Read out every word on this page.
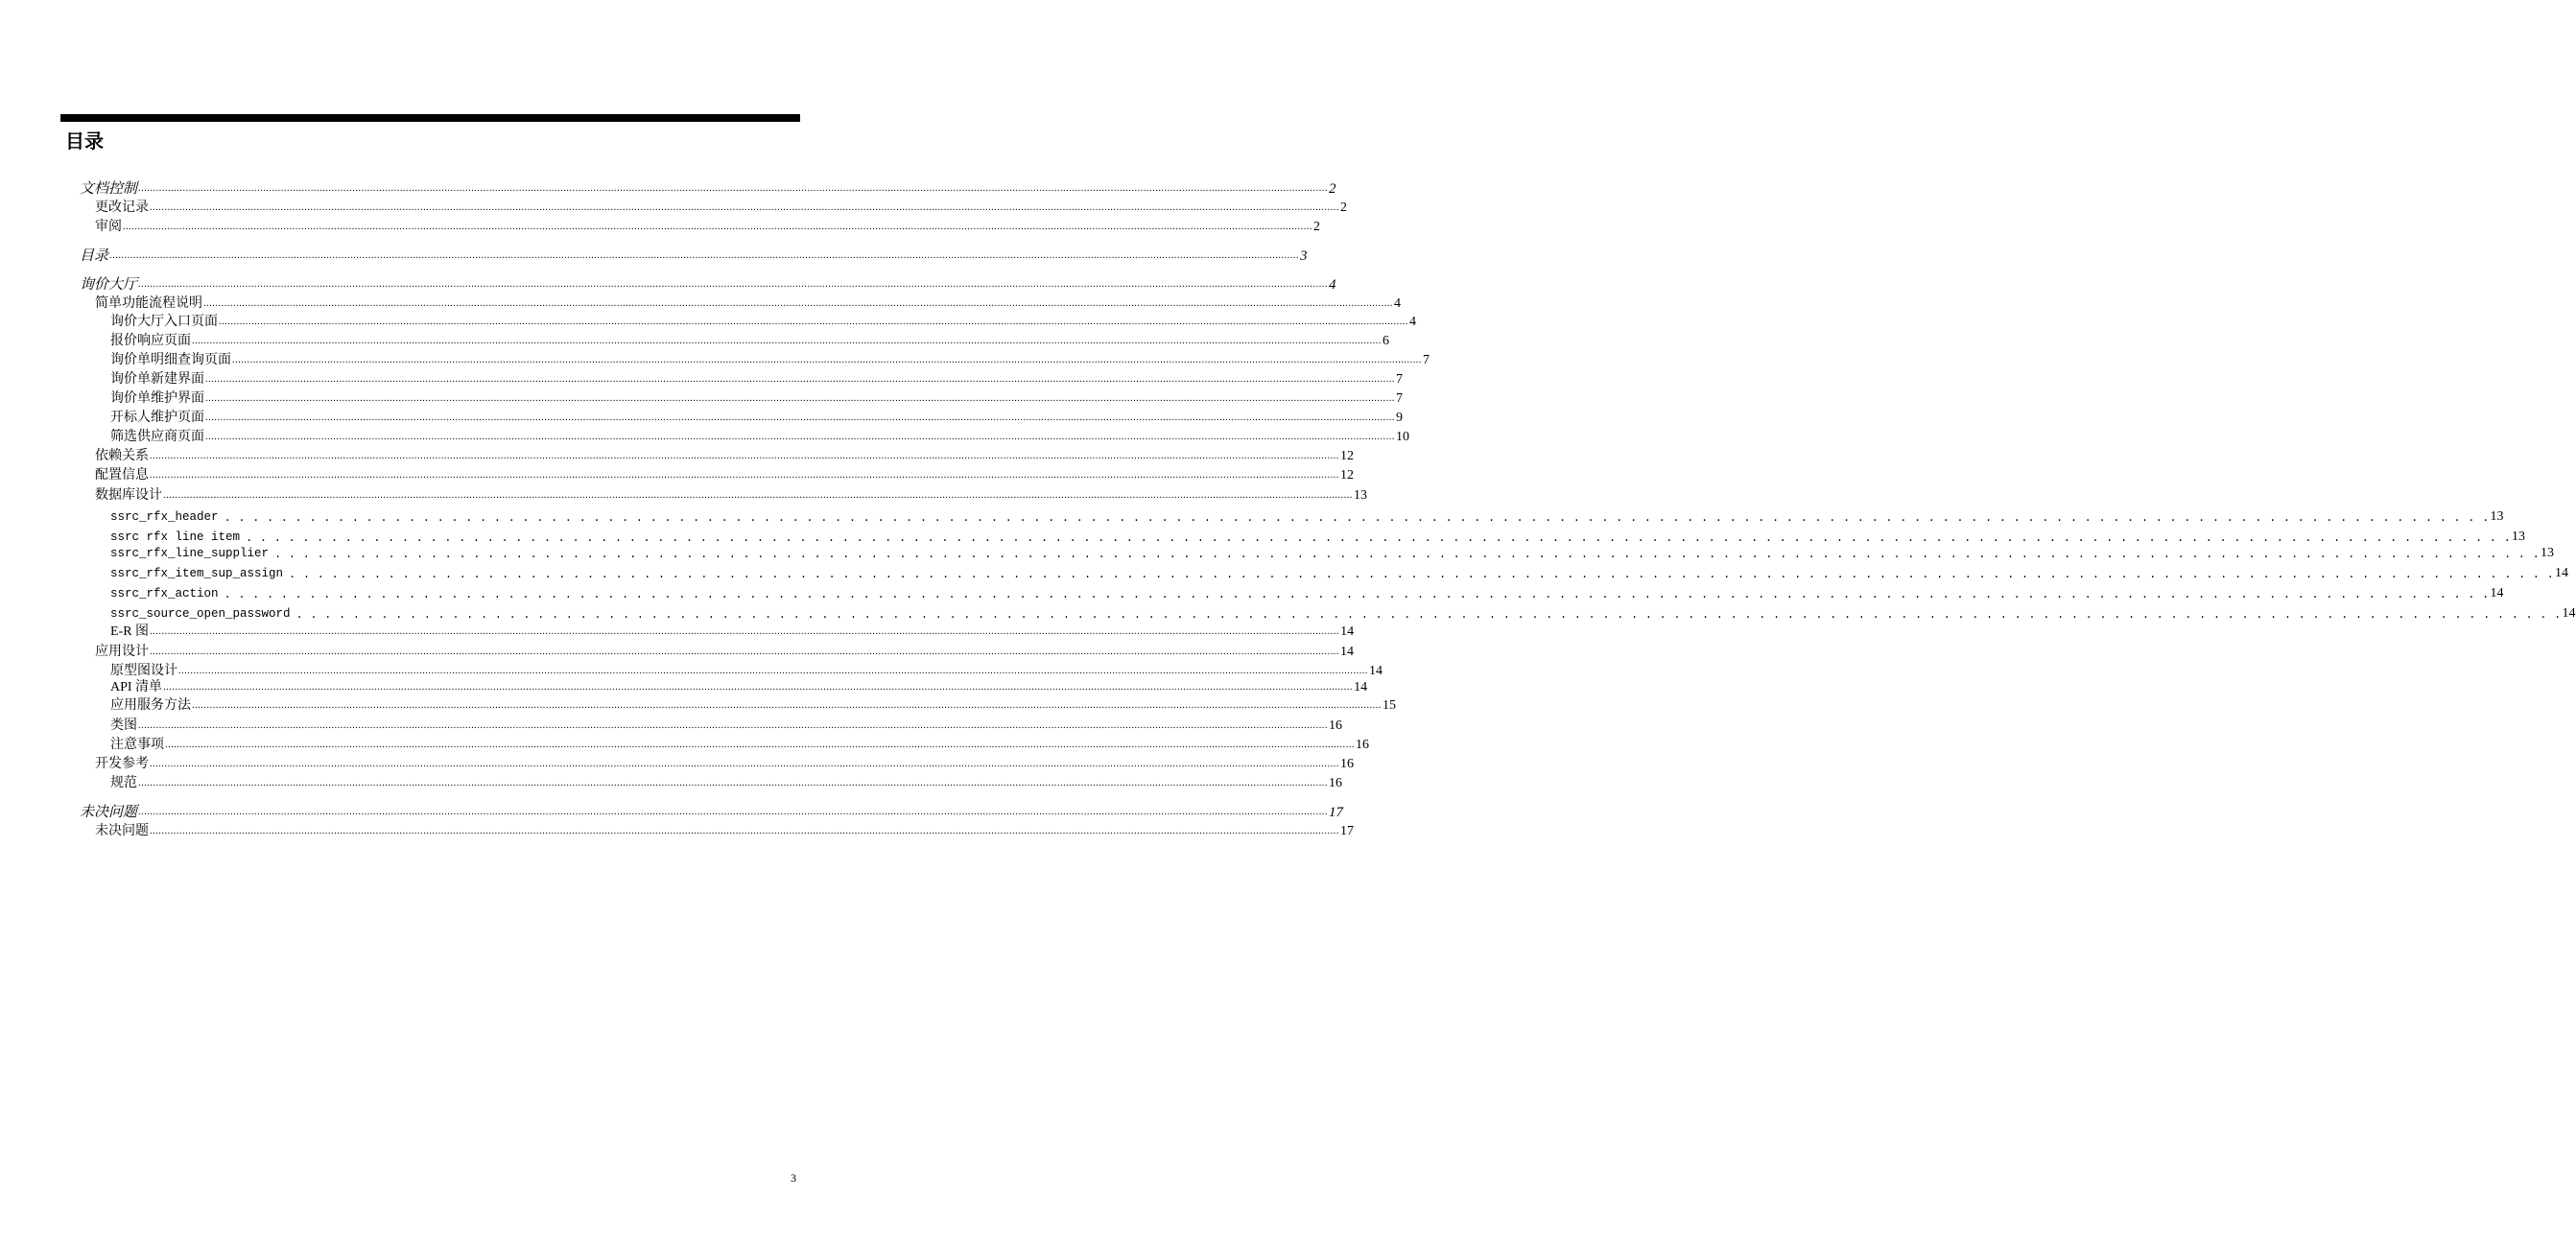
目录
文档控制 ................................................................................................................................................................................................................................................................................................................................................................................................................ 2
更改记录 ................................................................................................................................................................................................................................................................................................................................................................................................................ 2
审阅 ................................................................................................................................................................................................................................................................................................................................................................................................................ 2
目录 ................................................................................................................................................................................................................................................................................................................................................................................................................ 3
询价大厅 ................................................................................................................................................................................................................................................................................................................................................................................................................ 4
简单功能流程说明 ................................................................................................................................................................................................................................................................................................................................................................................................................ 4
询价大厅入口页面 ................................................................................................................................................................................................................................................................................................................................................................................................................ 4
报价响应页面 ................................................................................................................................................................................................................................................................................................................................................................................................................ 6
询价单明细查询页面 ................................................................................................................................................................................................................................................................................................................................................................................................................ 7
询价单新建界面 ................................................................................................................................................................................................................................................................................................................................................................................................................ 7
询价单维护界面 ................................................................................................................................................................................................................................................................................................................................................................................................................ 7
开标人维护页面 ................................................................................................................................................................................................................................................................................................................................................................................................................ 9
筛选供应商页面 ................................................................................................................................................................................................................................................................................................................................................................................................................ 10
依赖关系 ................................................................................................................................................................................................................................................................................................................................................................................................................ 12
配置信息 ................................................................................................................................................................................................................................................................................................................................................................................................................ 12
数据库设计 ................................................................................................................................................................................................................................................................................................................................................................................................................ 13
ssrc_rfx_header . . . . . . . . . . . . . . . . . . . . . . . . . . . . . . . . . . . . . . . . . . . . . . . . . . . . . . . . . . . . . . . . . . . . . . . . . . . . . . . . . . . . . . . . . . . . . . . . . . . . . . . . . . . . . . . . . . . . . . . . . . . . . . . . . . . . . . . . . . . . . . . . . . . . . . . . . . . . . . . . 13
ssrc rfx line item . . . . . . . . . . . . . . . . . . . . . . . . . . . . . . . . . . . . . . . . . . . . . . . . . . . . . . . . . . . . . . . . . . . . . . . . . . . . . . . . . . . . . . . . . . . . . . . . . . . . . . . . . . . . . . . . . . . . . . . . . . . . . . . . . . . . . . . . . . . . . . . . . . . . . . . . . . . . . . . . 13
ssrc_rfx_line_supplier . . . . . . . . . . . . . . . . . . . . . . . . . . . . . . . . . . . . . . . . . . . . . . . . . . . . . . . . . . . . . . . . . . . . . . . . . . . . . . . . . . . . . . . . . . . . . . . . . . . . . . . . . . . . . . . . . . . . . . . . . . . . . . . . . . . . . . . . . . . . . . . . . . . . . . . . . . . . . . . . 13
ssrc_rfx_item_sup_assign . . . . . . . . . . . . . . . . . . . . . . . . . . . . . . . . . . . . . . . . . . . . . . . . . . . . . . . . . . . . . . . . . . . . . . . . . . . . . . . . . . . . . . . . . . . . . . . . . . . . . . . . . . . . . . . . . . . . . . . . . . . . . . . . . . . . . . . . . . . . . . . . . . . . . . . . . . . . . . . . 14
ssrc_rfx_action . . . . . . . . . . . . . . . . . . . . . . . . . . . . . . . . . . . . . . . . . . . . . . . . . . . . . . . . . . . . . . . . . . . . . . . . . . . . . . . . . . . . . . . . . . . . . . . . . . . . . . . . . . . . . . . . . . . . . . . . . . . . . . . . . . . . . . . . . . . . . . . . . . . . . . . . . . . . . . . . 14
ssrc_source_open_password . . . . . . . . . . . . . . . . . . . . . . . . . . . . . . . . . . . . . . . . . . . . . . . . . . . . . . . . . . . . . . . . . . . . . . . . . . . . . . . . . . . . . . . . . . . . . . . . . . . . . . . . . . . . . . . . . . . . . . . . . . . . . . . . . . . . . . . . . . . . . . . . . . . . . . . . . . . . . . . . 14
E-R 图 ................................................................................................................................................................................................................................................................................................................................................................................................................ 14
应用设计 ................................................................................................................................................................................................................................................................................................................................................................................................................ 14
原型图设计 ................................................................................................................................................................................................................................................................................................................................................................................................................ 14
API 清单 ................................................................................................................................................................................................................................................................................................................................................................................................................ 14
应用服务方法 ................................................................................................................................................................................................................................................................................................................................................................................................................ 15
类图 ................................................................................................................................................................................................................................................................................................................................................................................................................ 16
注意事项 ................................................................................................................................................................................................................................................................................................................................................................................................................ 16
开发参考 ................................................................................................................................................................................................................................................................................................................................................................................................................ 16
规范 ................................................................................................................................................................................................................................................................................................................................................................................................................ 16
未决问题 ................................................................................................................................................................................................................................................................................................................................................................................................................ 17
未决问题 ................................................................................................................................................................................................................................................................................................................................................................................................................ 17
3
